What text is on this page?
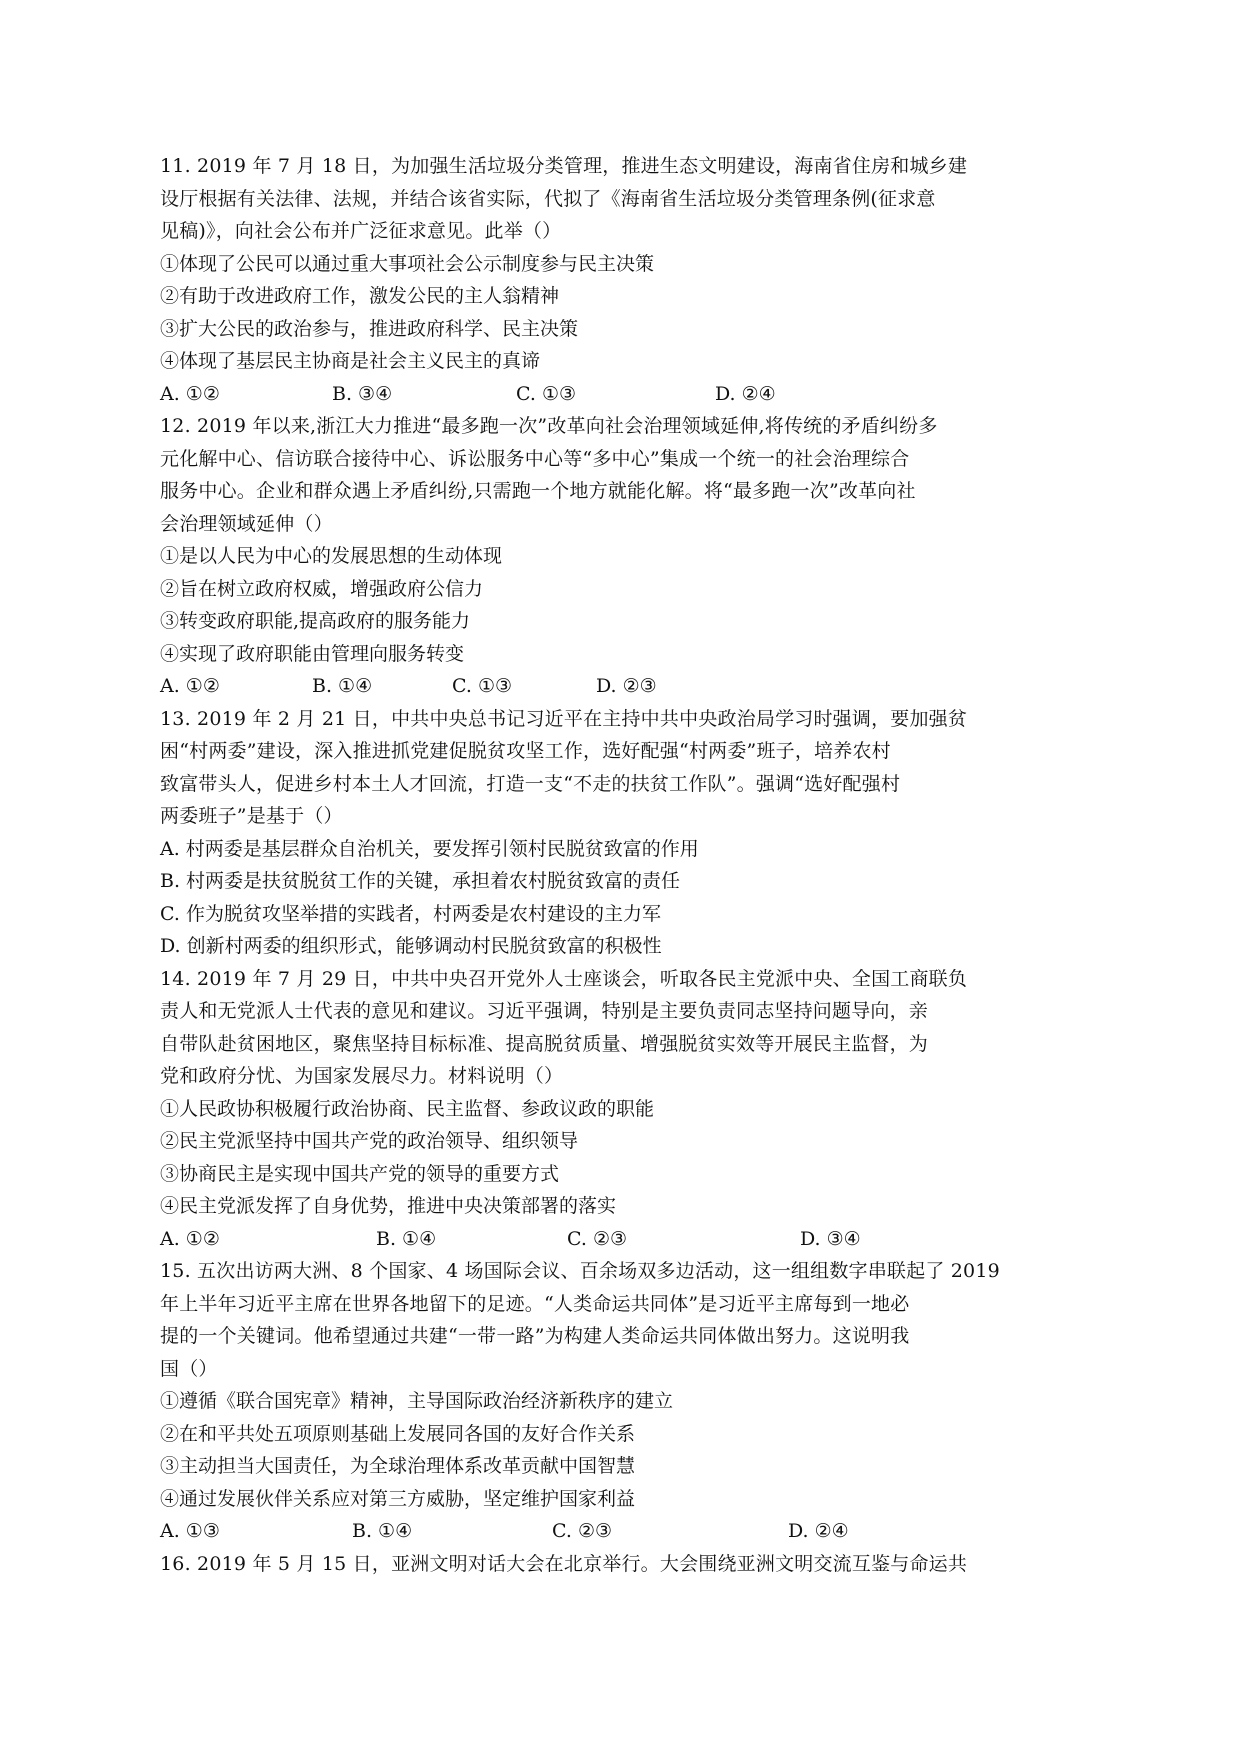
11. 2019 年 7 月 18 日，为加强生活垃圾分类管理，推进生态文明建设，海南省住房和城乡建
设厅根据有关法律、法规，并结合该省实际，代拟了《海南省生活垃圾分类管理条例(征求意
见稿)》，向社会公布并广泛征求意见。此举（）
①体现了公民可以通过重大事项社会公示制度参与民主决策
②有助于改进政府工作，激发公民的主人翁精神
③扩大公民的政治参与，推进政府科学、民主决策
④体现了基层民主协商是社会主义民主的真谛
A. ①②	B. ③④	C. ①③	D. ②④
12. 2019 年以来,浙江大力推进“最多跑一次”改革向社会治理领域延伸,将传统的矛盾纠纷多
元化解中心、信访联合接待中心、诉讼服务中心等“多中心”集成一个统一的社会治理综合
服务中心。企业和群众遇上矛盾纠纷,只需跑一个地方就能化解。将“最多跑一次”改革向社
会治理领域延伸（）
①是以人民为中心的发展思想的生动体现
②旨在树立政府权威，增强政府公信力
③转变政府职能,提高政府的服务能力
④实现了政府职能由管理向服务转变
A. ①②	B. ①④	C. ①③	D. ②③
13. 2019 年 2 月 21 日，中共中央总书记习近平在主持中共中央政治局学习时强调，要加强贫
困“村两委”建设，深入推进抓党建促脱贫攻坚工作，选好配强“村两委”班子，培养农村
致富带头人，促进乡村本土人才回流，打造一支“不走的扶贫工作队”。强调“选好配强村
两委班子”是基于（）
A. 村两委是基层群众自治机关，要发挥引领村民脱贫致富的作用
B. 村两委是扶贫脱贫工作的关键，承担着农村脱贫致富的责任
C. 作为脱贫攻坚举措的实践者，村两委是农村建设的主力军
D. 创新村两委的组织形式，能够调动村民脱贫致富的积极性
14. 2019 年 7 月 29 日，中共中央召开党外人士座谈会，听取各民主党派中央、全国工商联负
责人和无党派人士代表的意见和建议。习近平强调，特别是主要负责同志坚持问题导向，亲
自带队赴贫困地区，聚焦坚持目标标准、提高脱贫质量、增强脱贫实效等开展民主监督，为
党和政府分忧、为国家发展尽力。材料说明（）
①人民政协积极履行政治协商、民主监督、参政议政的职能
②民主党派坚持中国共产党的政治领导、组织领导
③协商民主是实现中国共产党的领导的重要方式
④民主党派发挥了自身优势，推进中央决策部署的落实
A. ①②	B. ①④	C. ②③	D. ③④
15. 五次出访两大洲、8 个国家、4 场国际会议、百余场双多边活动，这一组组数字串联起了 2019
年上半年习近平主席在世界各地留下的足迹。“人类命运共同体”是习近平主席每到一地必
提的一个关键词。他希望通过共建“一带一路”为构建人类命运共同体做出努力。这说明我
国（）
①遵循《联合国宪章》精神，主导国际政治经济新秩序的建立
②在和平共处五项原则基础上发展同各国的友好合作关系
③主动担当大国责任，为全球治理体系改革贡献中国智慧
④通过发展伙伴关系应对第三方威胁，坚定维护国家利益
A. ①③	B. ①④	C. ②③	D. ②④
16. 2019 年 5 月 15 日，亚洲文明对话大会在北京举行。大会围绕亚洲文明交流互鉴与命运共
